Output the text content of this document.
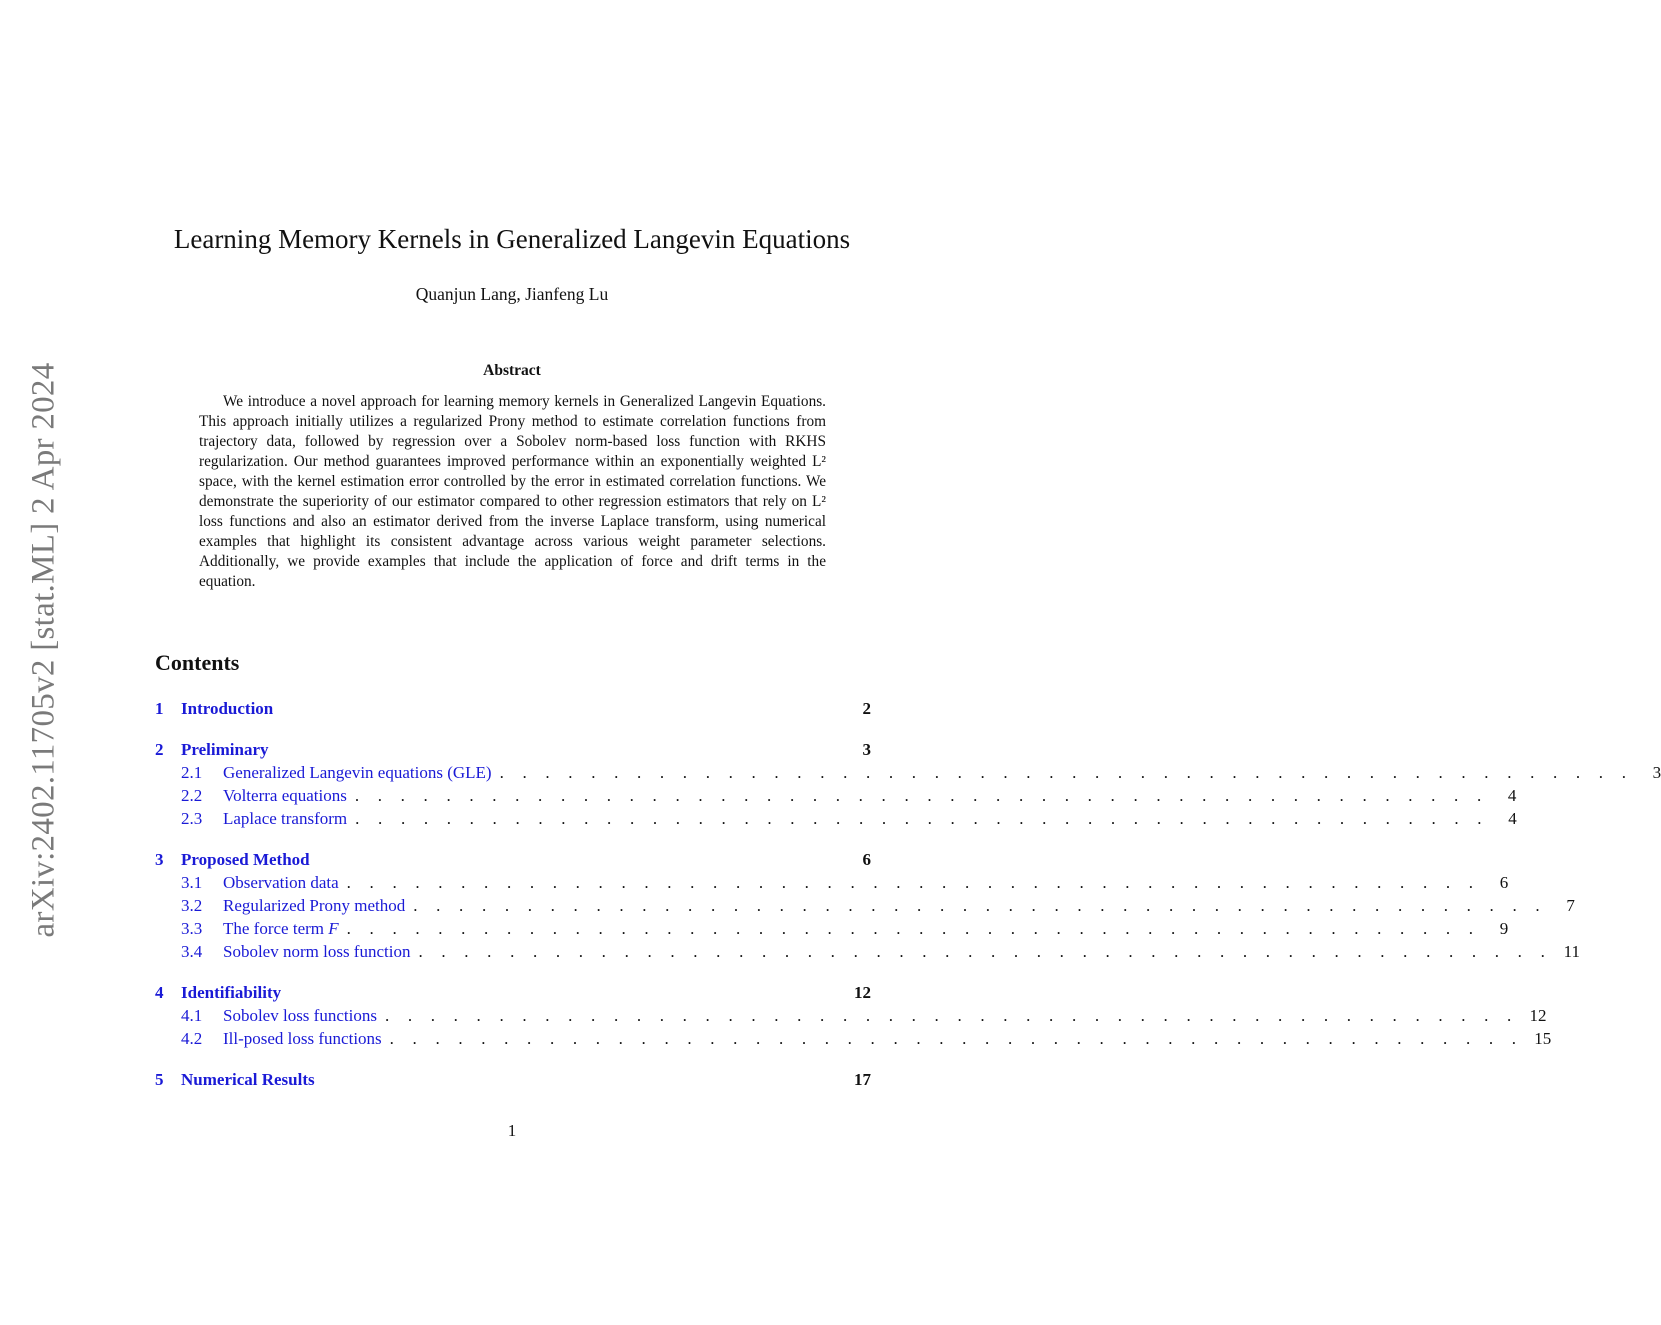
arXiv:2402.11705v2 [stat.ML] 2 Apr 2024
Learning Memory Kernels in Generalized Langevin Equations
Quanjun Lang, Jianfeng Lu
Abstract
We introduce a novel approach for learning memory kernels in Generalized Langevin Equations. This approach initially utilizes a regularized Prony method to estimate correlation functions from trajectory data, followed by regression over a Sobolev norm-based loss function with RKHS regularization. Our method guarantees improved performance within an exponentially weighted L² space, with the kernel estimation error controlled by the error in estimated correlation functions. We demonstrate the superiority of our estimator compared to other regression estimators that rely on L² loss functions and also an estimator derived from the inverse Laplace transform, using numerical examples that highlight its consistent advantage across various weight parameter selections. Additionally, we provide examples that include the application of force and drift terms in the equation.
Contents
1	Introduction	2
2	Preliminary	3
2.1	Generalized Langevin equations (GLE) . . . . . . . . . . . . . . . . . . . . . . . . . . . . . . . . . . . . . . . . . . . . . . . . . .	3
2.2	Volterra equations . . . . . . . . . . . . . . . . . . . . . . . . . . . . . . . . . . . . . . . . . . . . . . . . . .	4
2.3	Laplace transform . . . . . . . . . . . . . . . . . . . . . . . . . . . . . . . . . . . . . . . . . . . . . . . . . .	4
3	Proposed Method	6
3.1	Observation data . . . . . . . . . . . . . . . . . . . . . . . . . . . . . . . . . . . . . . . . . . . . . . . . . .	6
3.2	Regularized Prony method . . . . . . . . . . . . . . . . . . . . . . . . . . . . . . . . . . . . . . . . . . . . . . . . . .	7
3.3	The force term F . . . . . . . . . . . . . . . . . . . . . . . . . . . . . . . . . . . . . . . . . . . . . . . . . .	9
3.4	Sobolev norm loss function . . . . . . . . . . . . . . . . . . . . . . . . . . . . . . . . . . . . . . . . . . . . . . . . . . 11
4	Identifiability	12
4.1	Sobolev loss functions . . . . . . . . . . . . . . . . . . . . . . . . . . . . . . . . . . . . . . . . . . . . . . . . . . 12
4.2	Ill-posed loss functions . . . . . . . . . . . . . . . . . . . . . . . . . . . . . . . . . . . . . . . . . . . . . . . . . . 15
5	Numerical Results	17
1
